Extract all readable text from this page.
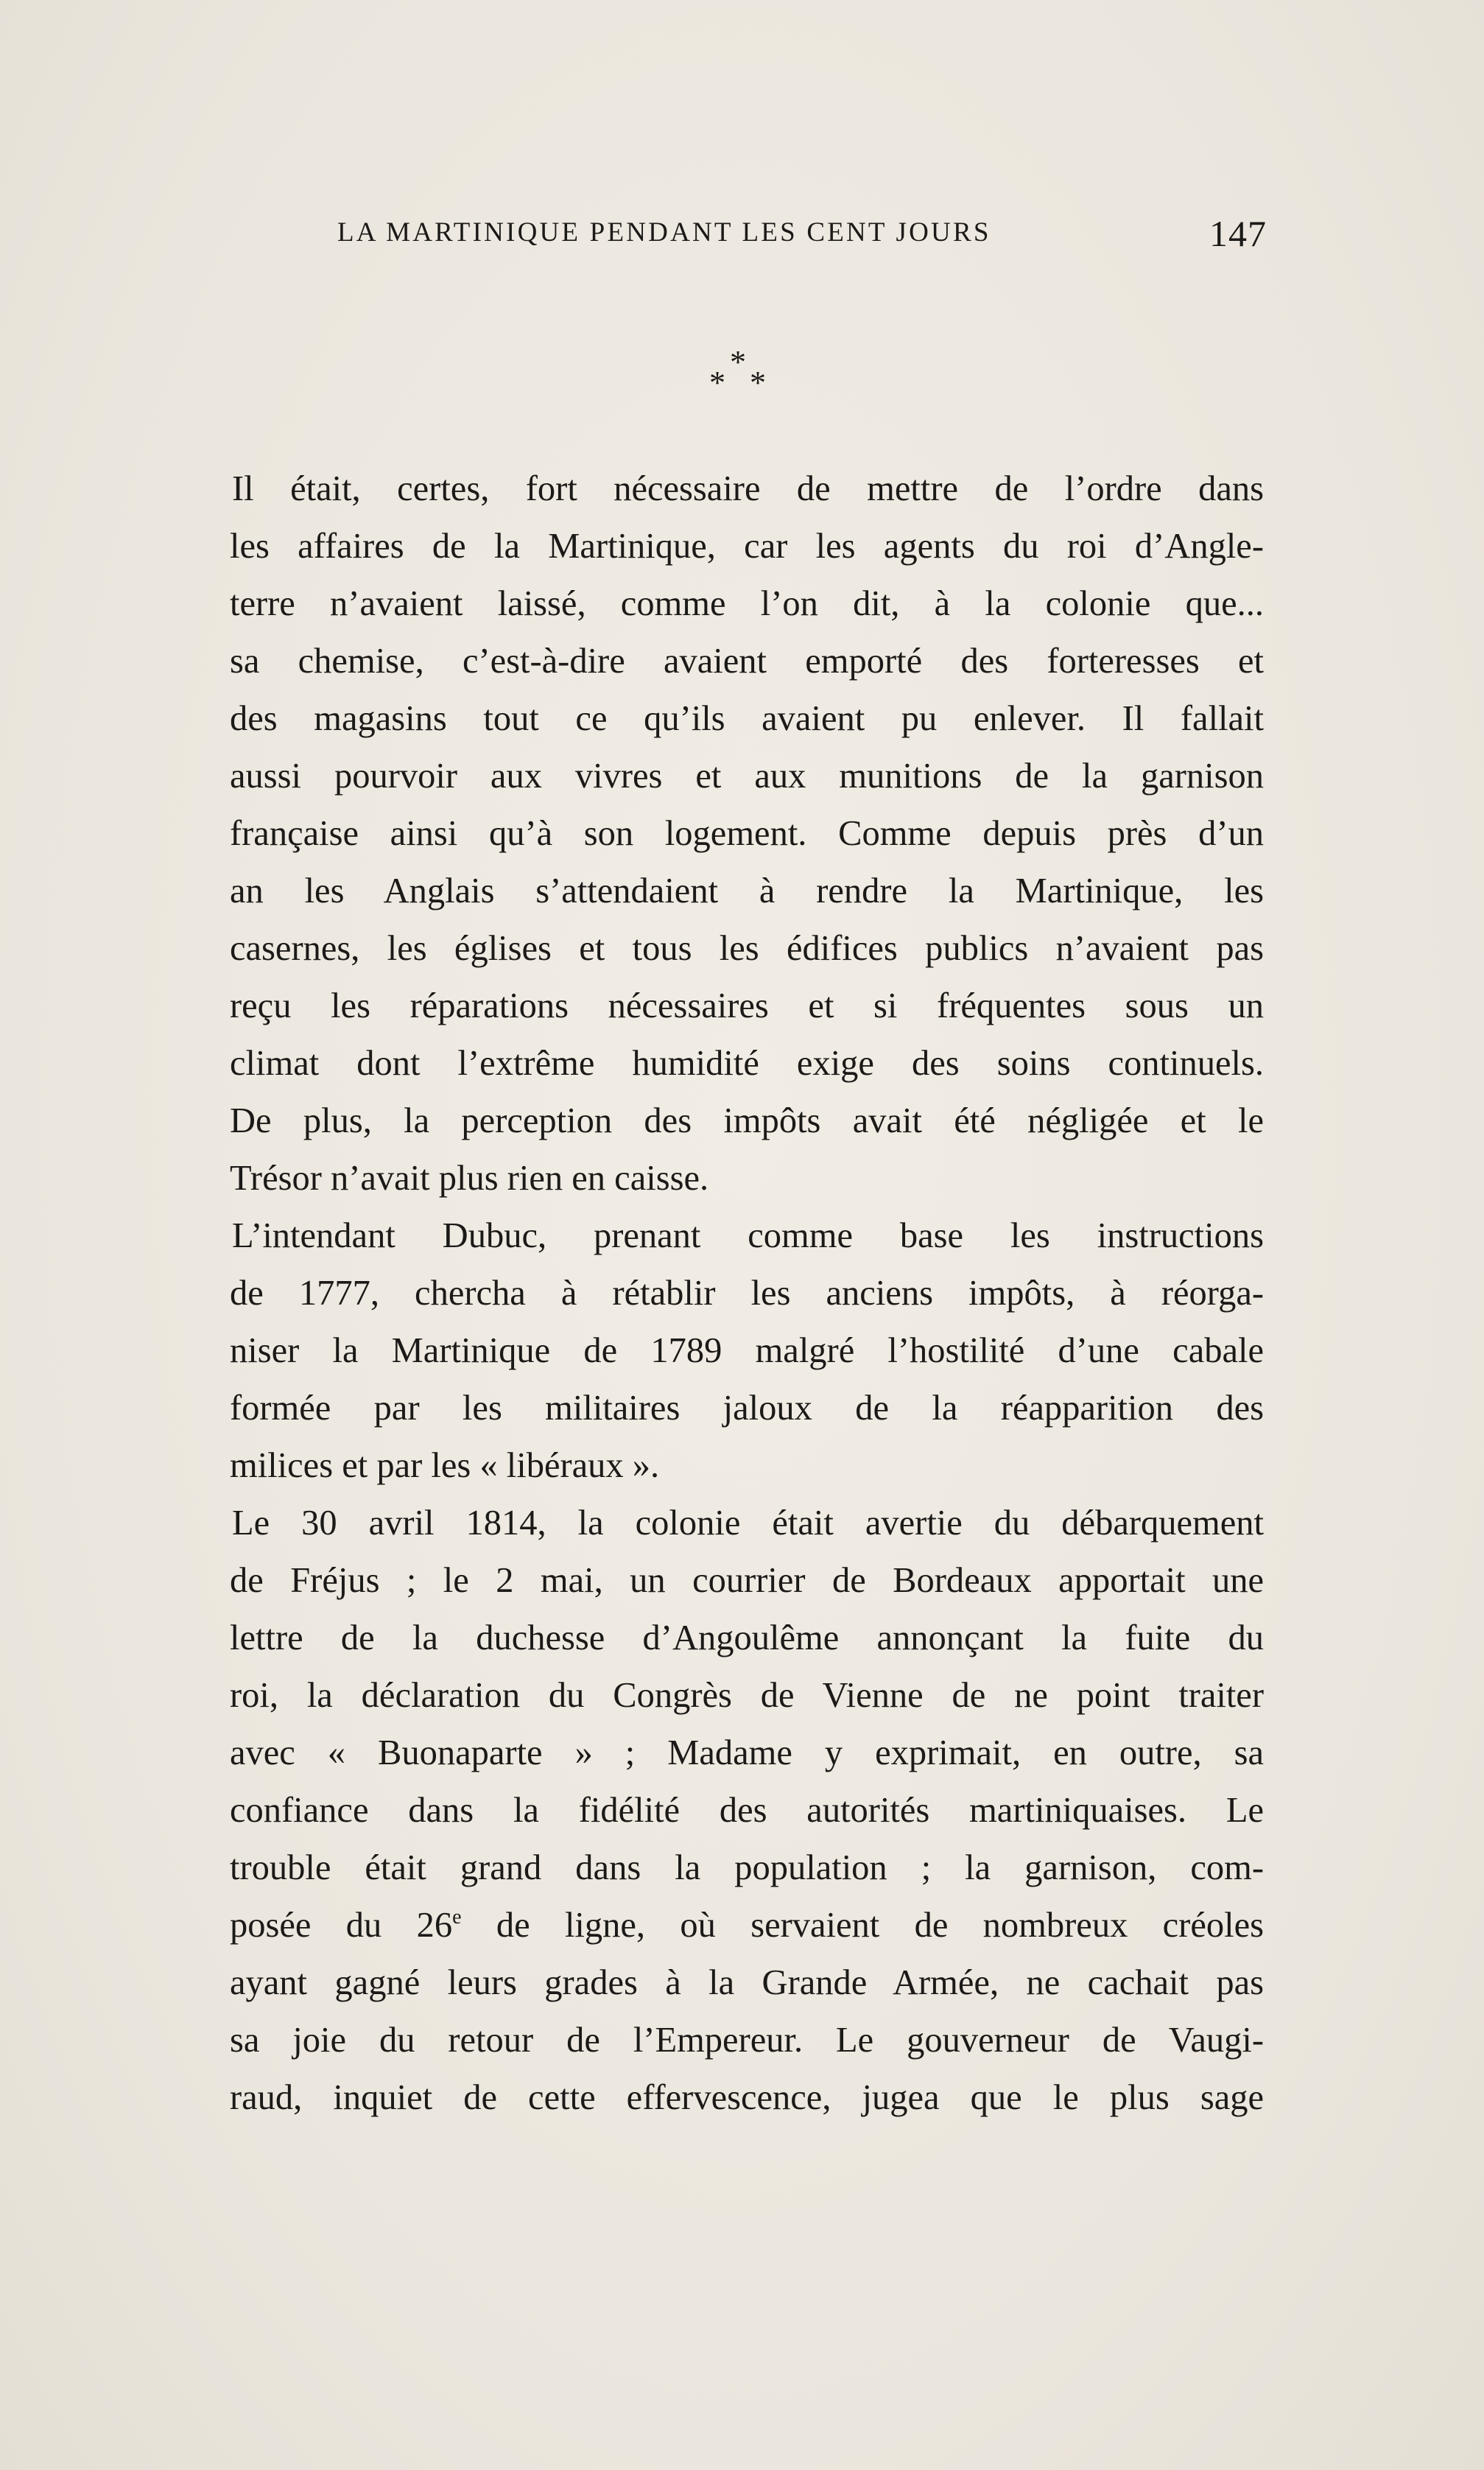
LA MARTINIQUE PENDANT LES CENT JOURS	147
*
* *
Il était, certes, fort nécessaire de mettre de l’ordre dans
les affaires de la Martinique, car les agents du roi d’Angle-
terre n’avaient laissé, comme l’on dit, à la colonie que...
sa chemise, c’est-à-dire avaient emporté des forteresses et
des magasins tout ce qu’ils avaient pu enlever. Il fallait
aussi pourvoir aux vivres et aux munitions de la garnison
française ainsi qu’à son logement. Comme depuis près d’un
an les Anglais s’attendaient à rendre la Martinique, les
casernes, les églises et tous les édifices publics n’avaient pas
reçu les réparations nécessaires et si fréquentes sous un
climat dont l’extrême humidité exige des soins continuels.
De plus, la perception des impôts avait été négligée et le
Trésor n’avait plus rien en caisse.
L’intendant Dubuc, prenant comme base les instructions
de 1777, chercha à rétablir les anciens impôts, à réorga-
niser la Martinique de 1789 malgré l’hostilité d’une cabale
formée par les militaires jaloux de la réapparition des
milices et par les « libéraux ».
Le 30 avril 1814, la colonie était avertie du débarquement
de Fréjus ; le 2 mai, un courrier de Bordeaux apportait une
lettre de la duchesse d’Angoulême annonçant la fuite du
roi, la déclaration du Congrès de Vienne de ne point traiter
avec « Buonaparte » ; Madame y exprimait, en outre, sa
confiance dans la fidélité des autorités martiniquaises. Le
trouble était grand dans la population ; la garnison, com-
posée du 26e de ligne, où servaient de nombreux créoles
ayant gagné leurs grades à la Grande Armée, ne cachait pas
sa joie du retour de l’Empereur. Le gouverneur de Vaugi-
raud, inquiet de cette effervescence, jugea que le plus sage
